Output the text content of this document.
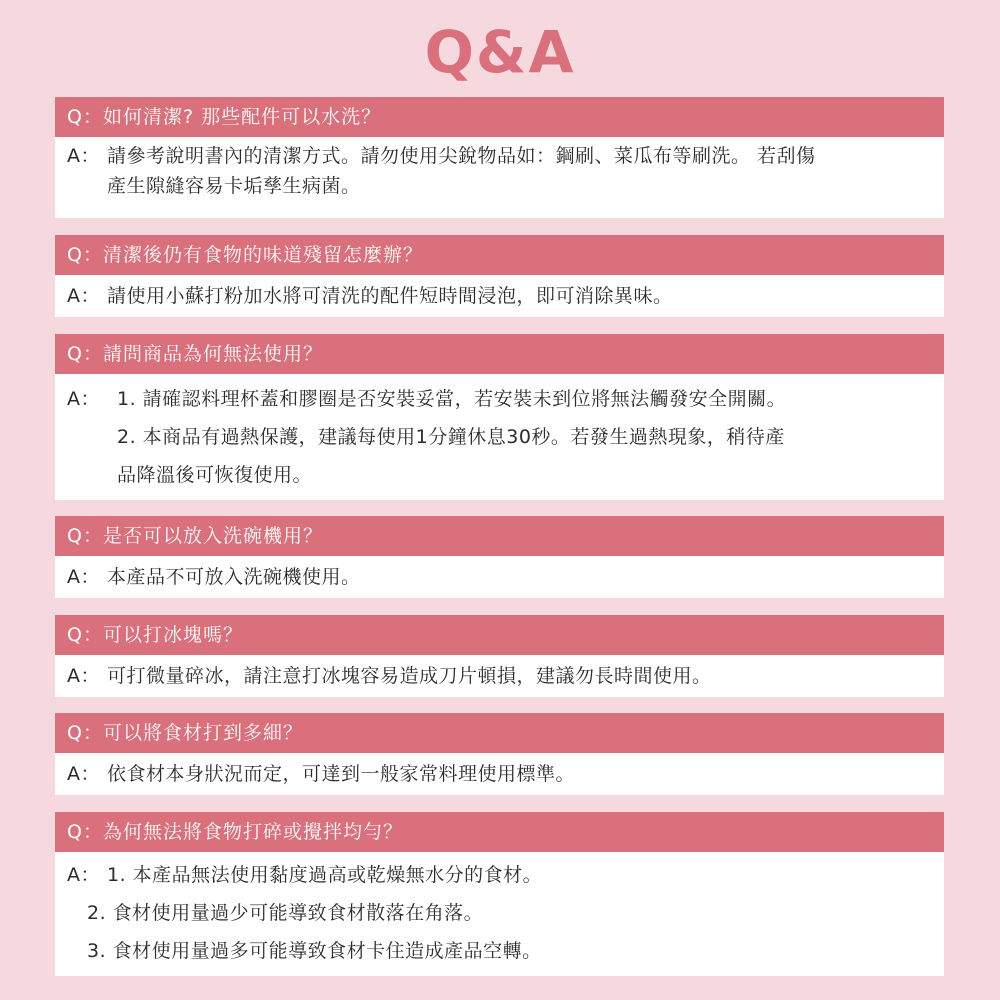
Q&A
Q：如何清潔? 那些配件可以水洗？
A： 請參考說明書內的清潔方式。請勿使用尖銳物品如：鋼刷、菜瓜布等刷洗。 若刮傷
產生隙縫容易卡垢孳生病菌。
Q：清潔後仍有食物的味道殘留怎麼辦？
A： 請使用小蘇打粉加水將可清洗的配件短時間浸泡，即可消除異味。
Q：請問商品為何無法使用？
A： 1. 請確認料理杯蓋和膠圈是否安裝妥當，若安裝未到位將無法觸發安全開關。
2. 本商品有過熱保護，建議每使用1分鐘休息30秒。若發生過熱現象，稍待產
品降溫後可恢復使用。
Q：是否可以放入洗碗機用？
A： 本產品不可放入洗碗機使用。
Q：可以打冰塊嗎？
A： 可打微量碎冰，請注意打冰塊容易造成刀片頓損，建議勿長時間使用。
Q：可以將食材打到多細？
A： 依食材本身狀況而定，可達到一般家常料理使用標準。
Q：為何無法將食物打碎或攪拌均勻？
A： 1. 本產品無法使用黏度過高或乾燥無水分的食材。
2. 食材使用量過少可能導致食材散落在角落。
3. 食材使用量過多可能導致食材卡住造成產品空轉。
